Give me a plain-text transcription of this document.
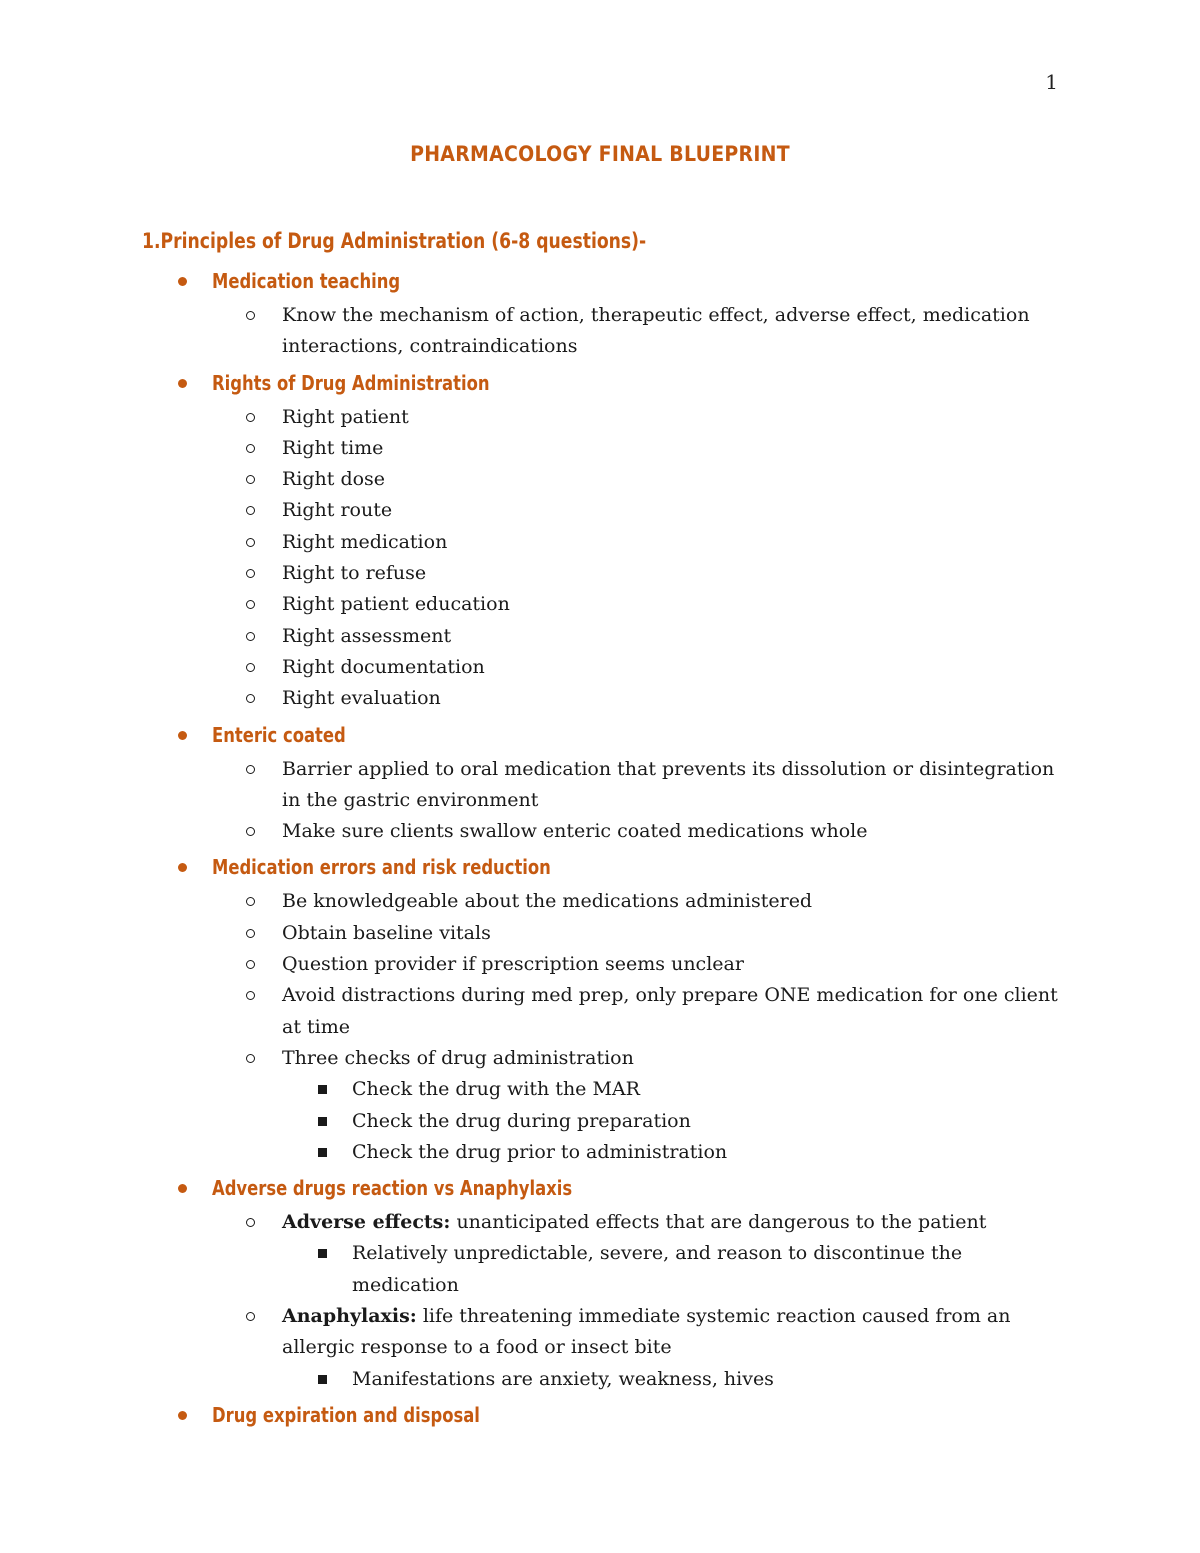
1
PHARMACOLOGY FINAL BLUEPRINT
1.Principles of Drug Administration (6-8 questions)-
Medication teaching
Know the mechanism of action, therapeutic effect, adverse effect, medication interactions, contraindications
Rights of Drug Administration
Right patient
Right time
Right dose
Right route
Right medication
Right to refuse
Right patient education
Right assessment
Right documentation
Right evaluation
Enteric coated
Barrier applied to oral medication that prevents its dissolution or disintegration in the gastric environment
Make sure clients swallow enteric coated medications whole
Medication errors and risk reduction
Be knowledgeable about the medications administered
Obtain baseline vitals
Question provider if prescription seems unclear
Avoid distractions during med prep, only prepare ONE medication for one client at time
Three checks of drug administration
Check the drug with the MAR
Check the drug during preparation
Check the drug prior to administration
Adverse drugs reaction vs Anaphylaxis
Adverse effects: unanticipated effects that are dangerous to the patient
Relatively unpredictable, severe, and reason to discontinue the medication
Anaphylaxis: life threatening immediate systemic reaction caused from an allergic response to a food or insect bite
Manifestations are anxiety, weakness, hives
Drug expiration and disposal
